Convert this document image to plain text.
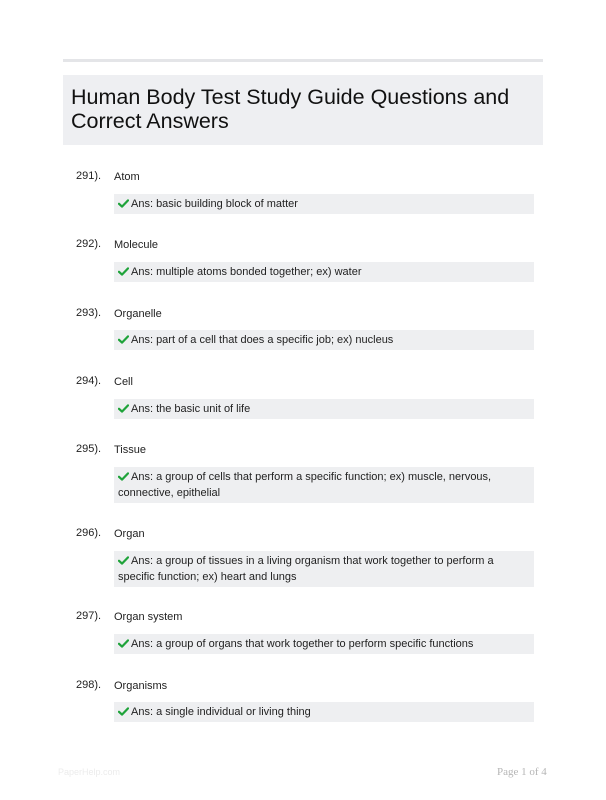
Human Body Test Study Guide Questions and Correct Answers
291). Atom
Ans: basic building block of matter
292). Molecule
Ans: multiple atoms bonded together; ex) water
293). Organelle
Ans: part of a cell that does a specific job; ex) nucleus
294). Cell
Ans: the basic unit of life
295). Tissue
Ans: a group of cells that perform a specific function; ex) muscle, nervous, connective, epithelial
296). Organ
Ans: a group of tissues in a living organism that work together to perform a specific function; ex) heart and lungs
297). Organ system
Ans: a group of organs that work together to perform specific functions
298). Organisms
Ans: a single individual or living thing
PaperHelp.com	Page 1 of 4
